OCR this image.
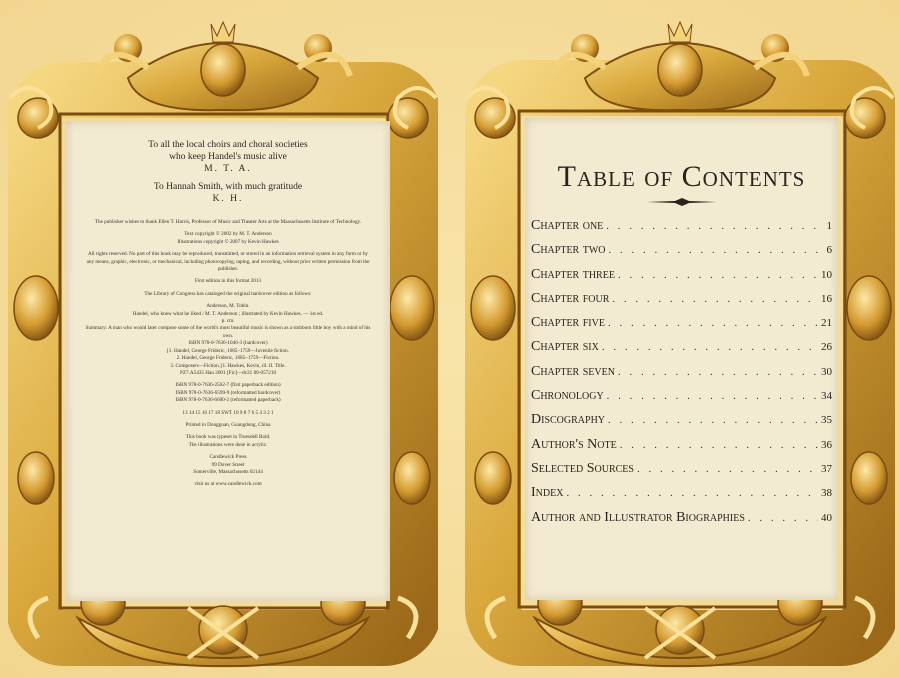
To all the local choirs and choral societies

who keep Handel's music alive

M. T. A.

To Hannah Smith, with much gratitude

K. H.

The publisher wishes to thank Ellen T. Harris, Professor of Music and Theater Arts at the Massachusetts Institute of Technology.

Text copyright © 2002 by M. T. Anderson

Illustrations copyright © 2007 by Kevin Hawkes

All rights reserved. No part of this book may be reproduced, transmitted, or stored in an information retrieval system in any form or by any means, graphic, electronic, or mechanical, including photocopying, taping, and recording, without prior written permission from the publisher.

First edition in this format 2013

The Library of Congress has cataloged the original hardcover edition as follows:

Anderson, M. Tobin.

Handel, who knew what he liked / M. T. Anderson ; illustrated by Kevin Hawkes. — 1st ed.

p. cm.

Summary: A man who would later compose some of the world's most beautiful music is shown as a stubborn little boy with a mind of his own.

ISBN 978-0-7636-1046-3 (hardcover)

[1. Handel, George Frideric, 1685–1759—Juvenile fiction.

2. Handel, George Frideric, 1685–1759—Fiction.

3. Composers—Fiction.] I. Hawkes, Kevin, ill. II. Title.

PZ7.A5435 Han 2001 [Fic]—dc21 00-057210

ISBN 978-0-7636-2562-7 (first paperback edition)

ISBN 978-0-7636-6599-9 (reformatted hardcover)

ISBN 978-0-7636-6600-2 (reformatted paperback)

13 14 15 16 17 18 SWT 10 9 8 7 6 5 4 3 2 1

Printed in Dongguan, Guangdong, China

This book was typeset in Truesdell Bold.

The illustrations were done in acrylic.

Candlewick Press

99 Dover Street

Somerville, Massachusetts 02144

visit us at www.candlewick.com

Table of Contents
Chapter one . . .	1
Chapter two . . .	6
Chapter three . . .	10
Chapter four . . .	16
Chapter five . . .	21
Chapter six . . .	26
Chapter seven . . .	30
Chronology . . .	34
Discography . . .	35
Author's Note . . .	36
Selected Sources . . .	37
Index . . .	38
Author and Illustrator Biographies . . .	40
